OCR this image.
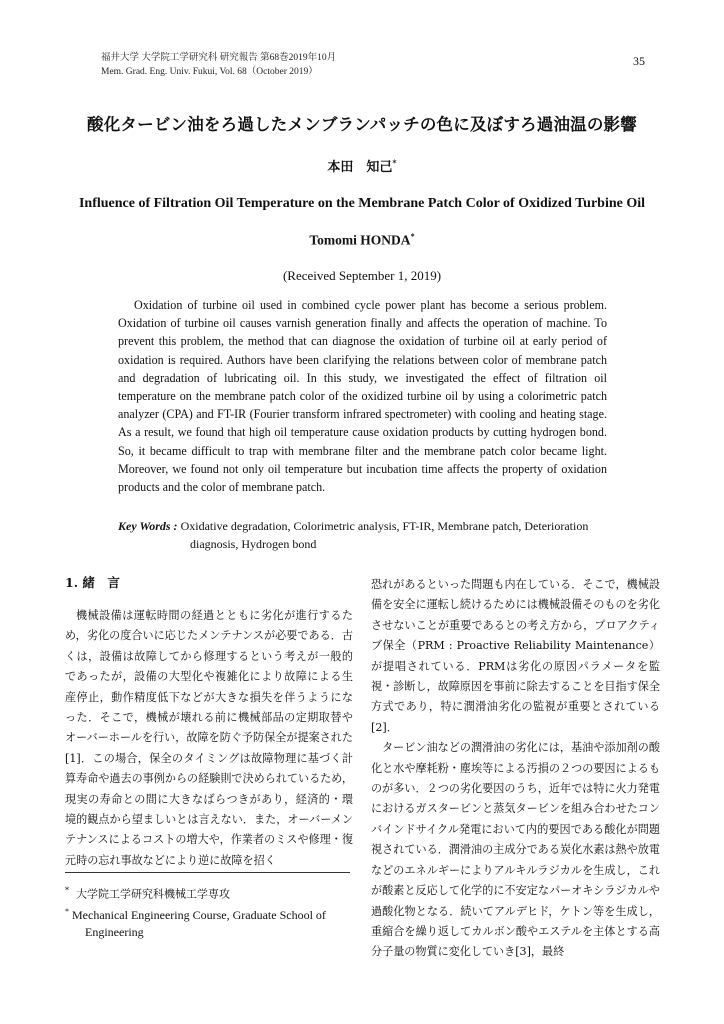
福井大学 大学院工学研究科 研究報告 第68巻2019年10月
Mem. Grad. Eng. Univ. Fukui, Vol. 68（October 2019）
35
酸化タービン油をろ過したメンブランパッチの色に及ぼすろ過油温の影響
本田　知己*
Influence of Filtration Oil Temperature on the Membrane Patch Color of Oxidized Turbine Oil
Tomomi HONDA*
(Received September 1, 2019)

Oxidation of turbine oil used in combined cycle power plant has become a serious problem. Oxidation of turbine oil causes varnish generation finally and affects the operation of machine. To prevent this problem, the method that can diagnose the oxidation of turbine oil at early period of oxidation is required. Authors have been clarifying the relations between color of membrane patch and degradation of lubricating oil. In this study, we investigated the effect of filtration oil temperature on the membrane patch color of the oxidized turbine oil by using a colorimetric patch analyzer (CPA) and FT-IR (Fourier transform infrared spectrometer) with cooling and heating stage. As a result, we found that high oil temperature cause oxidation products by cutting hydrogen bond. So, it became difficult to trap with membrane filter and the membrane patch color became light. Moreover, we found not only oil temperature but incubation time affects the property of oxidation products and the color of membrane patch.

Key Words : Oxidative degradation, Colorimetric analysis, FT-IR, Membrane patch, Deterioration
diagnosis, Hydrogen bond
1. 緒　言

機械設備は運転時間の経過とともに劣化が進行するため，劣化の度合いに応じたメンテナンスが必要である．古くは，設備は故障してから修理するという考えが一般的であったが，設備の大型化や複雑化により故障による生産停止，動作精度低下などが大きな損失を伴うようになった．そこで，機械が壊れる前に機械部品の定期取替やオーバーホールを行い，故障を防ぐ予防保全が提案された[1]．この場合，保全のタイミングは故障物理に基づく計算寿命や過去の事例からの経験則で決められているため，現実の寿命との間に大きなばらつきがあり，経済的・環境的観点から望ましいとは言えない．また，オーバーメンテナンスによるコストの増大や，作業者のミスや修理・復元時の忘れ事故などにより逆に故障を招く

恐れがあるといった問題も内在している．そこで，機械設備を安全に運転し続けるためには機械設備そのものを劣化させないことが重要であるとの考え方から，プロアクティブ保全（PRM : Proactive Reliability Maintenance）が提唱されている．PRMは劣化の原因パラメータを監視・診断し，故障原因を事前に除去することを目指す保全方式であり，特に潤滑油劣化の監視が重要とされている[2]．

タービン油などの潤滑油の劣化には，基油や添加剤の酸化と水や摩耗粉・塵埃等による汚損の２つの要因によるものが多い．２つの劣化要因のうち，近年では特に火力発電におけるガスタービンと蒸気タービンを組み合わせたコンバインドサイクル発電において内的要因である酸化が問題視されている．潤滑油の主成分である炭化水素は熱や放電などのエネルギーによりアルキルラジカルを生成し，これが酸素と反応して化学的に不安定なパーオキシラジカルや過酸化物となる．続いてアルデヒド，ケトン等を生成し，重縮合を繰り返してカルボン酸やエステルを主体とする高分子量の物質に変化していき[3]，最終

* 大学院工学研究科機械工学専攻
* Mechanical Engineering Course, Graduate School of
Engineering
